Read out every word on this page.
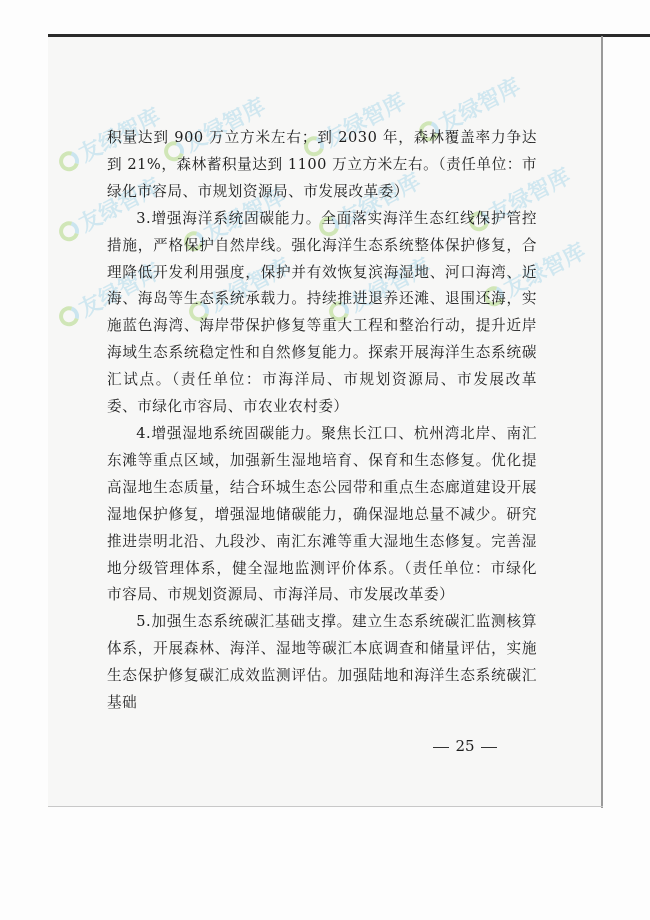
友绿智库 友绿智库 友绿智库 友绿智库
友绿智库 友绿智库 友绿智库	友绿智库
友绿智库 友绿智库 友绿智库	友绿智库

积量达到 900 万立方米左右；到 2030 年，森林覆盖率力争达到 21%，森林蓄积量达到 1100 万立方米左右。（责任单位：市绿化市容局、市规划资源局、市发展改革委）

3.增强海洋系统固碳能力。全面落实海洋生态红线保护管控措施，严格保护自然岸线。强化海洋生态系统整体保护修复，合理降低开发利用强度，保护并有效恢复滨海湿地、河口海湾、近海、海岛等生态系统承载力。持续推进退养还滩、退围还海，实施蓝色海湾、海岸带保护修复等重大工程和整治行动，提升近岸海域生态系统稳定性和自然修复能力。探索开展海洋生态系统碳汇试点。（责任单位：市海洋局、市规划资源局、市发展改革委、市绿化市容局、市农业农村委）

4.增强湿地系统固碳能力。聚焦长江口、杭州湾北岸、南汇东滩等重点区域，加强新生湿地培育、保育和生态修复。优化提高湿地生态质量，结合环城生态公园带和重点生态廊道建设开展湿地保护修复，增强湿地储碳能力，确保湿地总量不减少。研究推进崇明北沿、九段沙、南汇东滩等重大湿地生态修复。完善湿地分级管理体系，健全湿地监测评价体系。（责任单位：市绿化市容局、市规划资源局、市海洋局、市发展改革委）

5.加强生态系统碳汇基础支撑。建立生态系统碳汇监测核算体系，开展森林、海洋、湿地等碳汇本底调查和储量评估，实施生态保护修复碳汇成效监测评估。加强陆地和海洋生态系统碳汇基础

25
